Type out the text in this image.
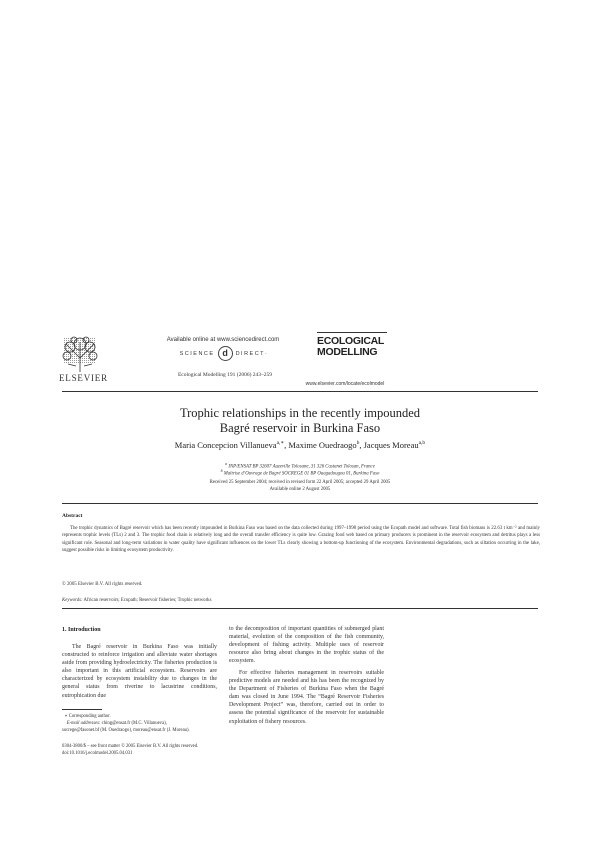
ELSEVIER
Available online at www.sciencedirect.com
SCIENCE d DIRECT·
Ecological Modelling 191 (2006) 243–259
ECOLOGICAL
MODELLING
www.elsevier.com/locate/ecolmodel
Trophic relationships in the recently impounded
Bagré reservoir in Burkina Faso
Maria Concepcion Villanueva$^{a,∗}$, Maxime Ouedraogo$^b$, Jacques Moreau$^{a,b}$
$^a$ INP/ENSAT BP 32607 Auzeville Tolosane, 31 326 Castanet Tolosan, France
$^b$ Maîtrise d’Ouvrage de Bagré SOCREGE 01 BP Ouagadougou 01, Burkina Faso
Received 25 September 2004; received in revised form 22 April 2005; accepted 29 April 2005
Available online 2 August 2005
Abstract

The trophic dynamics of Bagré reservoir which has been recently impounded in Burkina Faso was based on the data collected during 1997–1998 period using the Ecopath model and software. Total fish biomass is 22.63 t km⁻² and mainly represents trophic levels (TLs) 2 and 3. The trophic food chain is relatively long and the overall transfer efficiency is quite low. Grazing food web based on primary producers is prominent in the reservoir ecosystem and detritus plays a less significant role. Seasonal and long-term variations in water quality have significant influences on the lower TLs clearly showing a bottom-up functioning of the ecosystem. Environmental degradations, such as siltation occurring in the lake, suggest possible risks in limiting ecosystem productivity.

© 2005 Elsevier B.V. All rights reserved.
Keywords: African reservoirs; Ecopath; Reservoir fisheries; Trophic networks
1. Introduction

The Bagré reservoir in Burkina Faso was initially constructed to reinforce irrigation and alleviate water shortages aside from providing hydroelectricity. The fisheries production is also important in this artificial ecosystem. Reservoirs are characterized by ecosystem instability due to changes in the general status from riverine to lacustrine conditions, eutrophication due

to the decomposition of important quantities of submerged plant material, evolution of the composition of the fish community, development of fishing activity. Multiple uses of reservoir resource also bring about changes in the trophic status of the ecosystem.

For effective fisheries management in reservoirs suitable predictive models are needed and his has been the recognized by the Department of Fisheries of Burkina Faso when the Bagré dam was closed in June 1994. The “Bagré Reservoir Fisheries Development Project” was, therefore, carried out in order to assess the potential significance of the reservoir for sustainable exploitation of fishery resources.

∗ Corresponding author.
E-mail addresses: ching@ensat.fr (M.C. Villanueva),
socrege@fasonet.bf (M. Ouedraogo), moreau@ensat.fr (J. Moreau).
0304-3800/$ – see front matter © 2005 Elsevier B.V. All rights reserved.
doi:10.1016/j.ecolmodel.2005.04.031
